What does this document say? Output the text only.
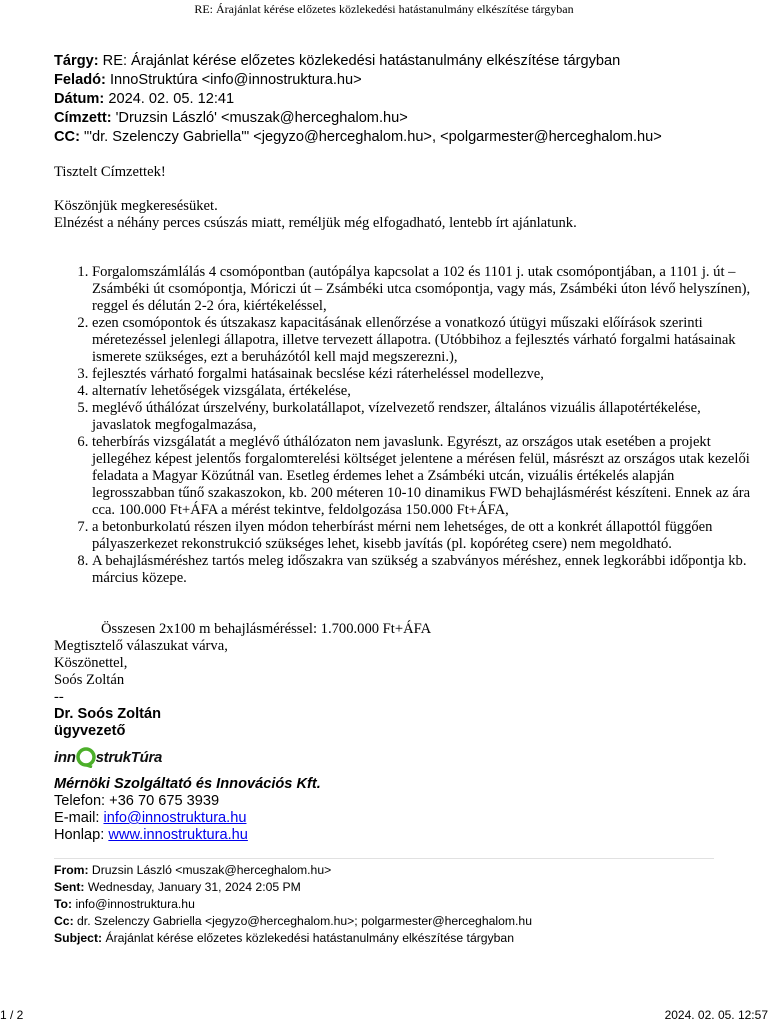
RE: Árajánlat kérése előzetes közlekedési hatástanulmány elkészítése tárgyban
Tárgy: RE: Árajánlat kérése előzetes közlekedési hatástanulmány elkészítése tárgyban
Feladó: InnoStruktúra <info@innostruktura.hu>
Dátum: 2024. 02. 05. 12:41
Címzett: 'Druzsin László' <muszak@herceghalom.hu>
CC: "'dr. Szelenczy Gabriella'" <jegyzo@herceghalom.hu>, <polgarmester@herceghalom.hu>
Tisztelt Címzettek!
Köszönjük megkeresésüket.
Elnézést a néhány perces csúszás miatt, reméljük még elfogadható, lentebb írt ajánlatunk.
1. Forgalomszámlálás 4 csomópontban (autópálya kapcsolat a 102 és 1101 j. utak csomópontjában, a 1101 j. út – Zsámbéki út csomópontja, Móriczi út – Zsámbéki utca csomópontja, vagy más, Zsámbéki úton lévő helyszínen), reggel és délután 2-2 óra, kiértékeléssel,
2. ezen csomópontok és útszakasz kapacitásának ellenőrzése a vonatkozó útügyi műszaki előírások szerinti méretezéssel jelenlegi állapotra, illetve tervezett állapotra. (Utóbbihoz a fejlesztés várható forgalmi hatásainak ismerete szükséges, ezt a beruházótól kell majd megszerezni.),
3. fejlesztés várható forgalmi hatásainak becslése kézi ráterheléssel modellezve,
4. alternatív lehetőségek vizsgálata, értékelése,
5. meglévő úthálózat úrszelvény, burkolatállapot, vízelvezető rendszer, általános vizuális állapotértékelése, javaslatok megfogalmazása,
6. teherbírás vizsgálatát a meglévő úthálózaton nem javaslunk. Egyrészt, az országos utak esetében a projekt jellegéhez képest jelentős forgalomterelési költséget jelentene a mérésen felül, másrészt az országos utak kezelői feladata a Magyar Közútnál van. Esetleg érdemes lehet a Zsámbéki utcán, vizuális értékelés alapján legrosszabban tűnő szakaszokon, kb. 200 méteren 10-10 dinamikus FWD behajlásmérést készíteni. Ennek az ára cca. 100.000 Ft+ÁFA a mérést tekintve, feldolgozása 150.000 Ft+ÁFA,
7. a betonburkolatú részen ilyen módon teherbírást mérni nem lehetséges, de ott a konkrét állapottól függően pályaszerkezet rekonstrukció szükséges lehet, kisebb javítás (pl. kopóréteg csere) nem megoldható.
8. A behajlásméréshez tartós meleg időszakra van szükség a szabványos méréshez, ennek legkorábbi időpontja kb. március közepe.
Összesen 2x100 m behajlásméréssel: 1.700.000 Ft+ÁFA
Megtisztelő válaszukat várva,
Köszönettel,
Soós Zoltán
--
Dr. Soós Zoltán
ügyvezető
inn strukTúra
Mérnöki Szolgáltató és Innovációs Kft.
Telefon: +36 70 675 3939
E-mail: info@innostruktura.hu
Honlap: www.innostruktura.hu
From: Druzsin László <muszak@herceghalom.hu>
Sent: Wednesday, January 31, 2024 2:05 PM
To: info@innostruktura.hu
Cc: dr. Szelenczy Gabriella <jegyzo@herceghalom.hu>; polgarmester@herceghalom.hu
Subject: Árajánlat kérése előzetes közlekedési hatástanulmány elkészítése tárgyban
1 / 2	2024. 02. 05. 12:57
